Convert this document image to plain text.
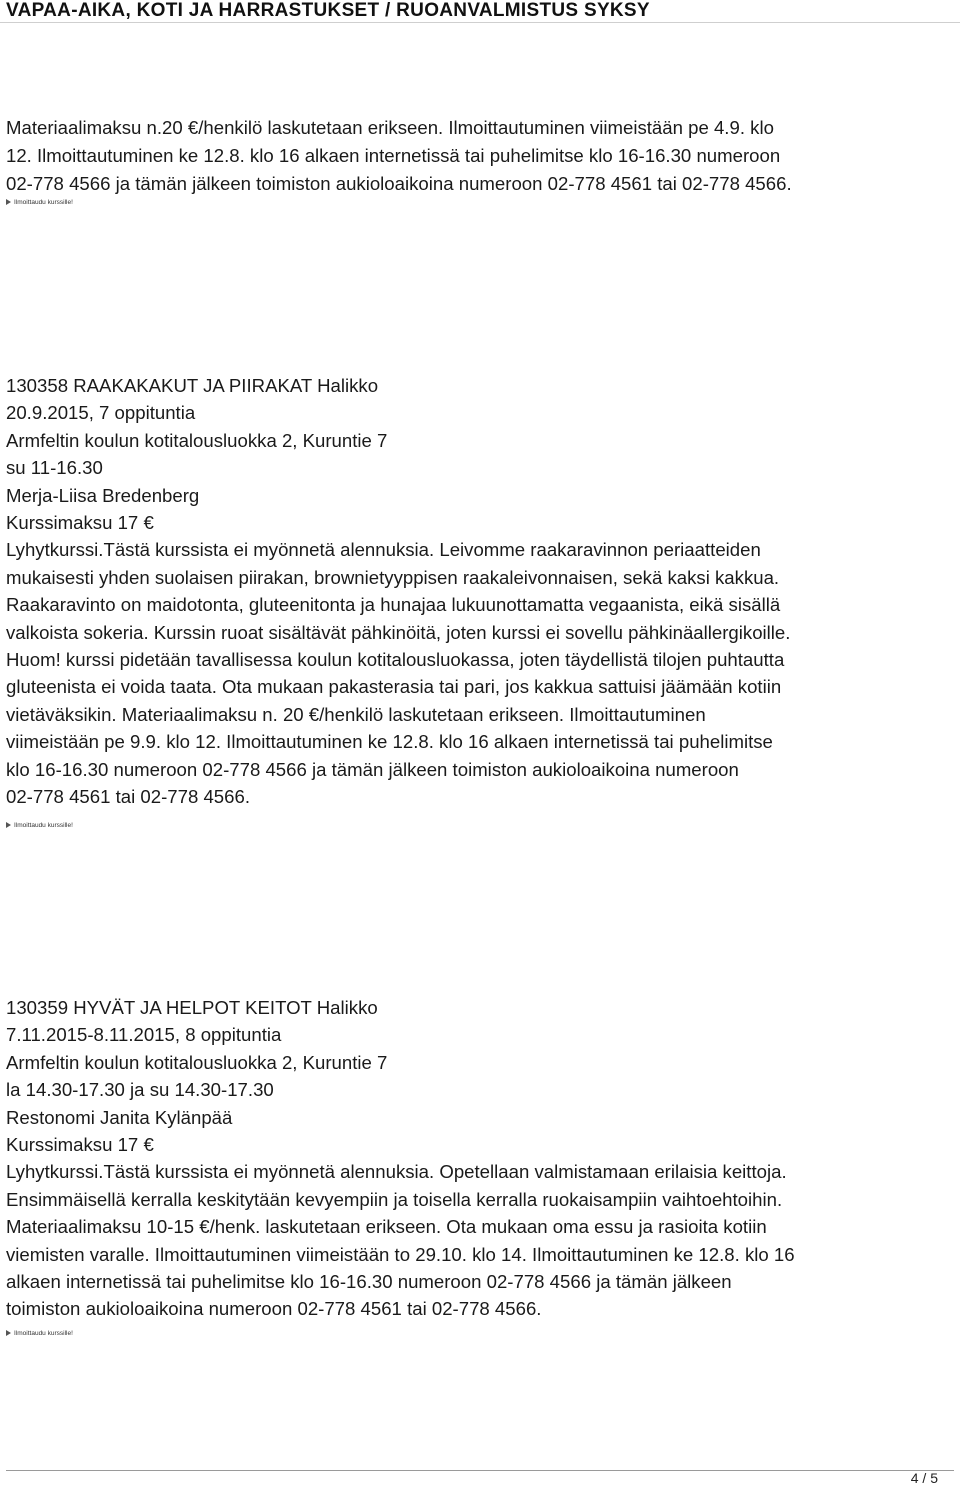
VAPAA-AIKA, KOTI JA HARRASTUKSET / RUOANVALMISTUS SYKSY
Materiaalimaksu n.20 €/henkilö laskutetaan erikseen. Ilmoittautuminen viimeistään pe 4.9. klo
12. Ilmoittautuminen ke 12.8. klo 16 alkaen internetissä tai puhelimitse klo 16-16.30 numeroon
02-778 4566 ja tämän jälkeen toimiston aukioloaikoina numeroon 02-778 4561 tai 02-778 4566.
Ilmoittaudu kurssille!
130358 RAAKAKAKUT JA PIIRAKAT Halikko
20.9.2015, 7 oppituntia
Armfeltin koulun kotitalousluokka 2, Kuruntie 7
su 11-16.30
Merja-Liisa Bredenberg
Kurssimaksu 17 €
Lyhytkurssi.Tästä kurssista ei myönnetä alennuksia. Leivomme raakaravinnon periaatteiden
mukaisesti yhden suolaisen piirakan, brownietyyppisen raakaleivonnaisen, sekä kaksi kakkua.
Raakaravinto on maidotonta, gluteenitonta ja hunajaa lukuunottamatta vegaanista, eikä sisällä
valkoista sokeria. Kurssin ruoat sisältävät pähkinöitä, joten kurssi ei sovellu pähkinäallergikoille.
Huom! kurssi pidetään tavallisessa koulun kotitalousluokassa, joten täydellistä tilojen puhtautta
gluteenista ei voida taata. Ota mukaan pakasterasia tai pari, jos kakkua sattuisi jäämään kotiin
vietäväksikin. Materiaalimaksu n. 20 €/henkilö laskutetaan erikseen. Ilmoittautuminen
viimeistään pe 9.9. klo 12. Ilmoittautuminen ke 12.8. klo 16 alkaen internetissä tai puhelimitse
klo 16-16.30 numeroon 02-778 4566 ja tämän jälkeen toimiston aukioloaikoina numeroon
02-778 4561 tai 02-778 4566.
Ilmoittaudu kurssille!
130359 HYVÄT JA HELPOT KEITOT Halikko
7.11.2015-8.11.2015, 8 oppituntia
Armfeltin koulun kotitalousluokka 2, Kuruntie 7
la 14.30-17.30 ja su 14.30-17.30
Restonomi Janita Kylänpää
Kurssimaksu 17 €
Lyhytkurssi.Tästä kurssista ei myönnetä alennuksia. Opetellaan valmistamaan erilaisia keittoja.
Ensimmäisellä kerralla keskitytään kevyempiin ja toisella kerralla ruokaisampiin vaihtoehtoihin.
Materiaalimaksu 10-15 €/henk. laskutetaan erikseen. Ota mukaan oma essu ja rasioita kotiin
viemisten varalle. Ilmoittautuminen viimeistään to 29.10. klo 14. Ilmoittautuminen ke 12.8. klo 16
alkaen internetissä tai puhelimitse klo 16-16.30 numeroon 02-778 4566 ja tämän jälkeen
toimiston aukioloaikoina numeroon 02-778 4561 tai 02-778 4566.
Ilmoittaudu kurssille!
4 / 5
